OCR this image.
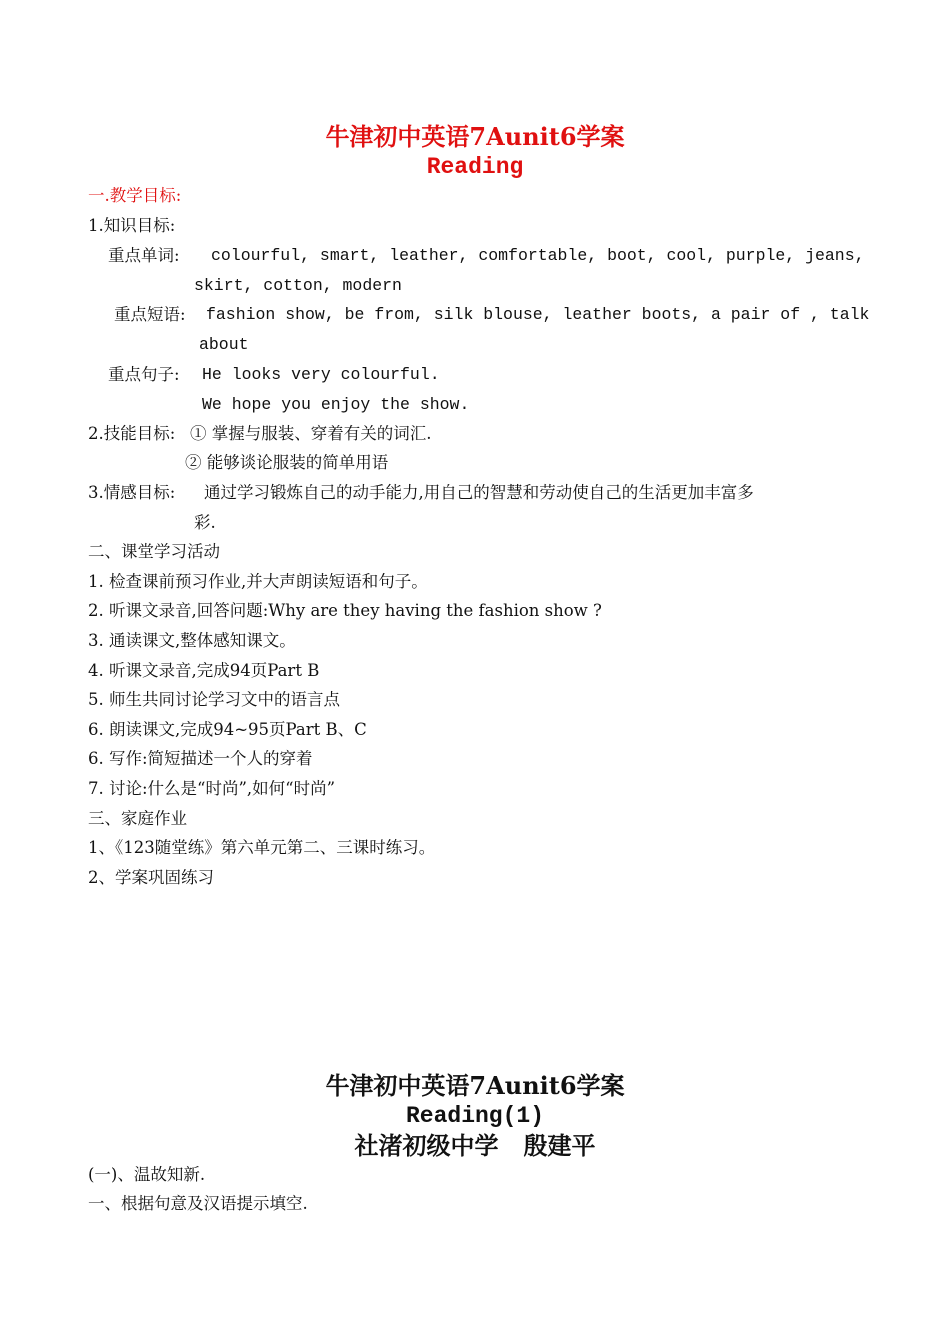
牛津初中英语7Aunit6学案
Reading
一.教学目标:
1.知识目标:
重点单词: colourful, smart, leather, comfortable, boot, cool, purple, jeans,
skirt, cotton, modern
重点短语: fashion show, be from, silk blouse, leather boots, a pair of , talk
about
重点句子: He looks very colourful.
We hope you enjoy the show.
2.技能目标: ① 掌握与服装、穿着有关的词汇.
② 能够谈论服装的简单用语
3.情感目标: 通过学习锻炼自己的动手能力,用自己的智慧和劳动使自己的生活更加丰富多
彩.
二、课堂学习活动
1. 检查课前预习作业,并大声朗读短语和句子。
2. 听课文录音,回答问题:Why are they having the fashion show ?
3. 通读课文,整体感知课文。
4. 听课文录音,完成94页Part B
5. 师生共同讨论学习文中的语言点
6. 朗读课文,完成94~95页Part B、C
6. 写作:简短描述一个人的穿着
7. 讨论:什么是“时尚”,如何“时尚”
三、家庭作业
1、《123随堂练》第六单元第二、三课时练习。
2、学案巩固练习
牛津初中英语7Aunit6学案
Reading(1)
社渚初级中学   殷建平
(一)、温故知新.
一、根据句意及汉语提示填空.
